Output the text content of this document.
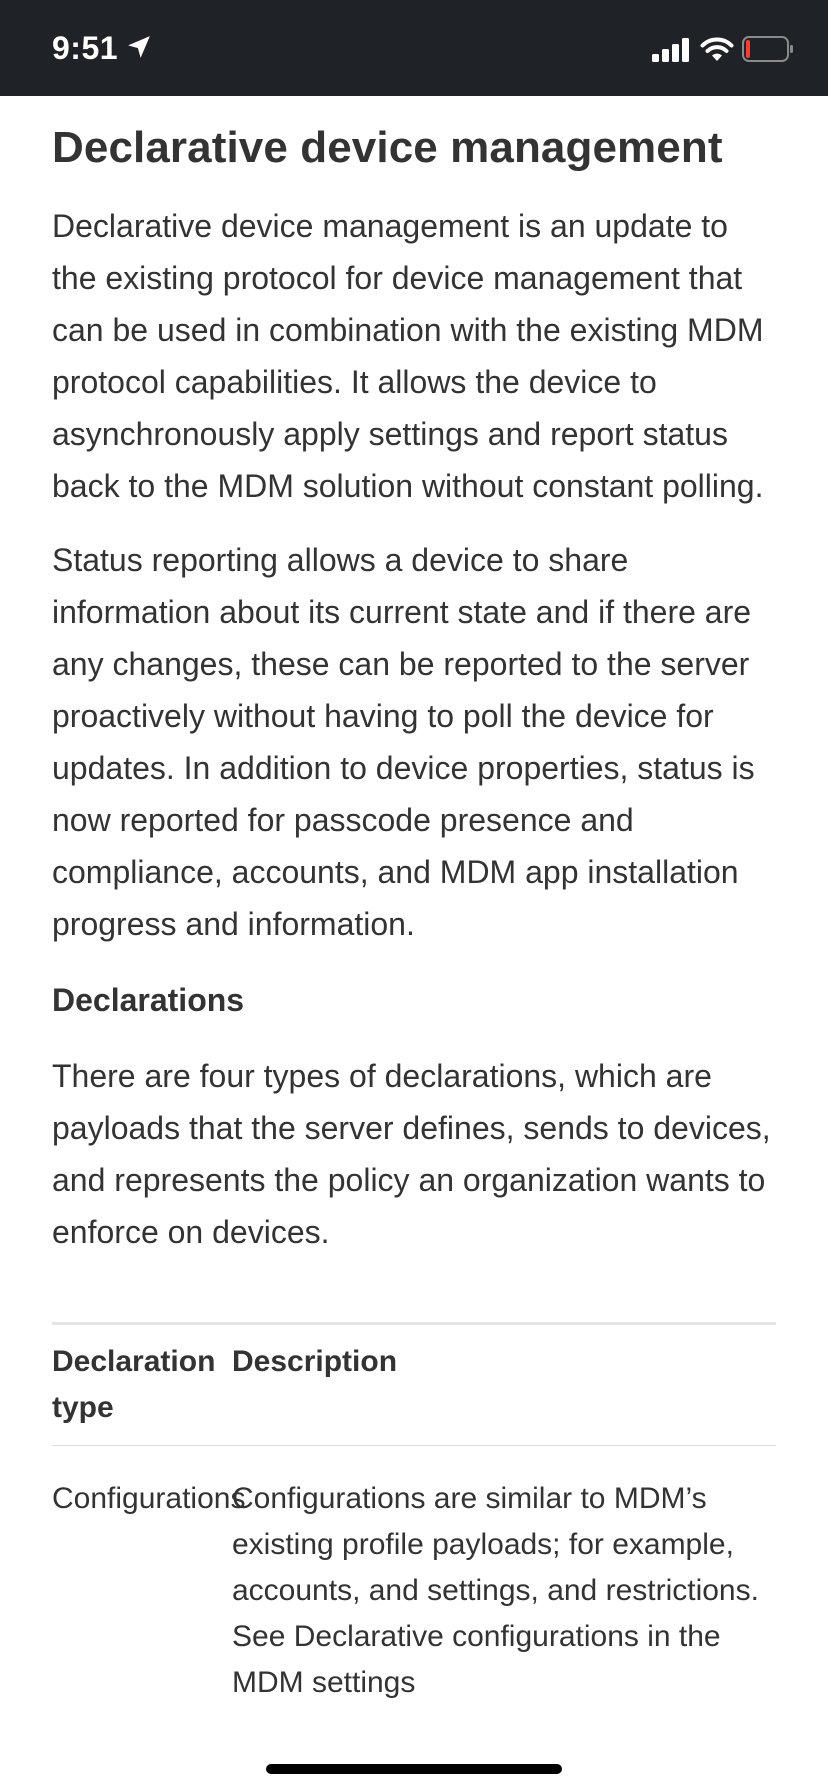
9:51
Declarative device management

Declarative device management is an update to the existing protocol for device management that can be used in combination with the existing MDM protocol capabilities. It allows the device to asynchronously apply settings and report status back to the MDM solution without constant polling.

Status reporting allows a device to share information about its current state and if there are any changes, these can be reported to the server proactively without having to poll the device for updates. In addition to device properties, status is now reported for passcode presence and compliance, accounts, and MDM app installation progress and information.

Declarations

There are four types of declarations, which are payloads that the server defines, sends to devices, and represents the policy an organization wants to enforce on devices.

Declaration type
Description
Configurations
Configurations are similar to MDM’s existing profile payloads; for example, accounts, and settings, and restrictions. See Declarative configurations in the MDM settings
